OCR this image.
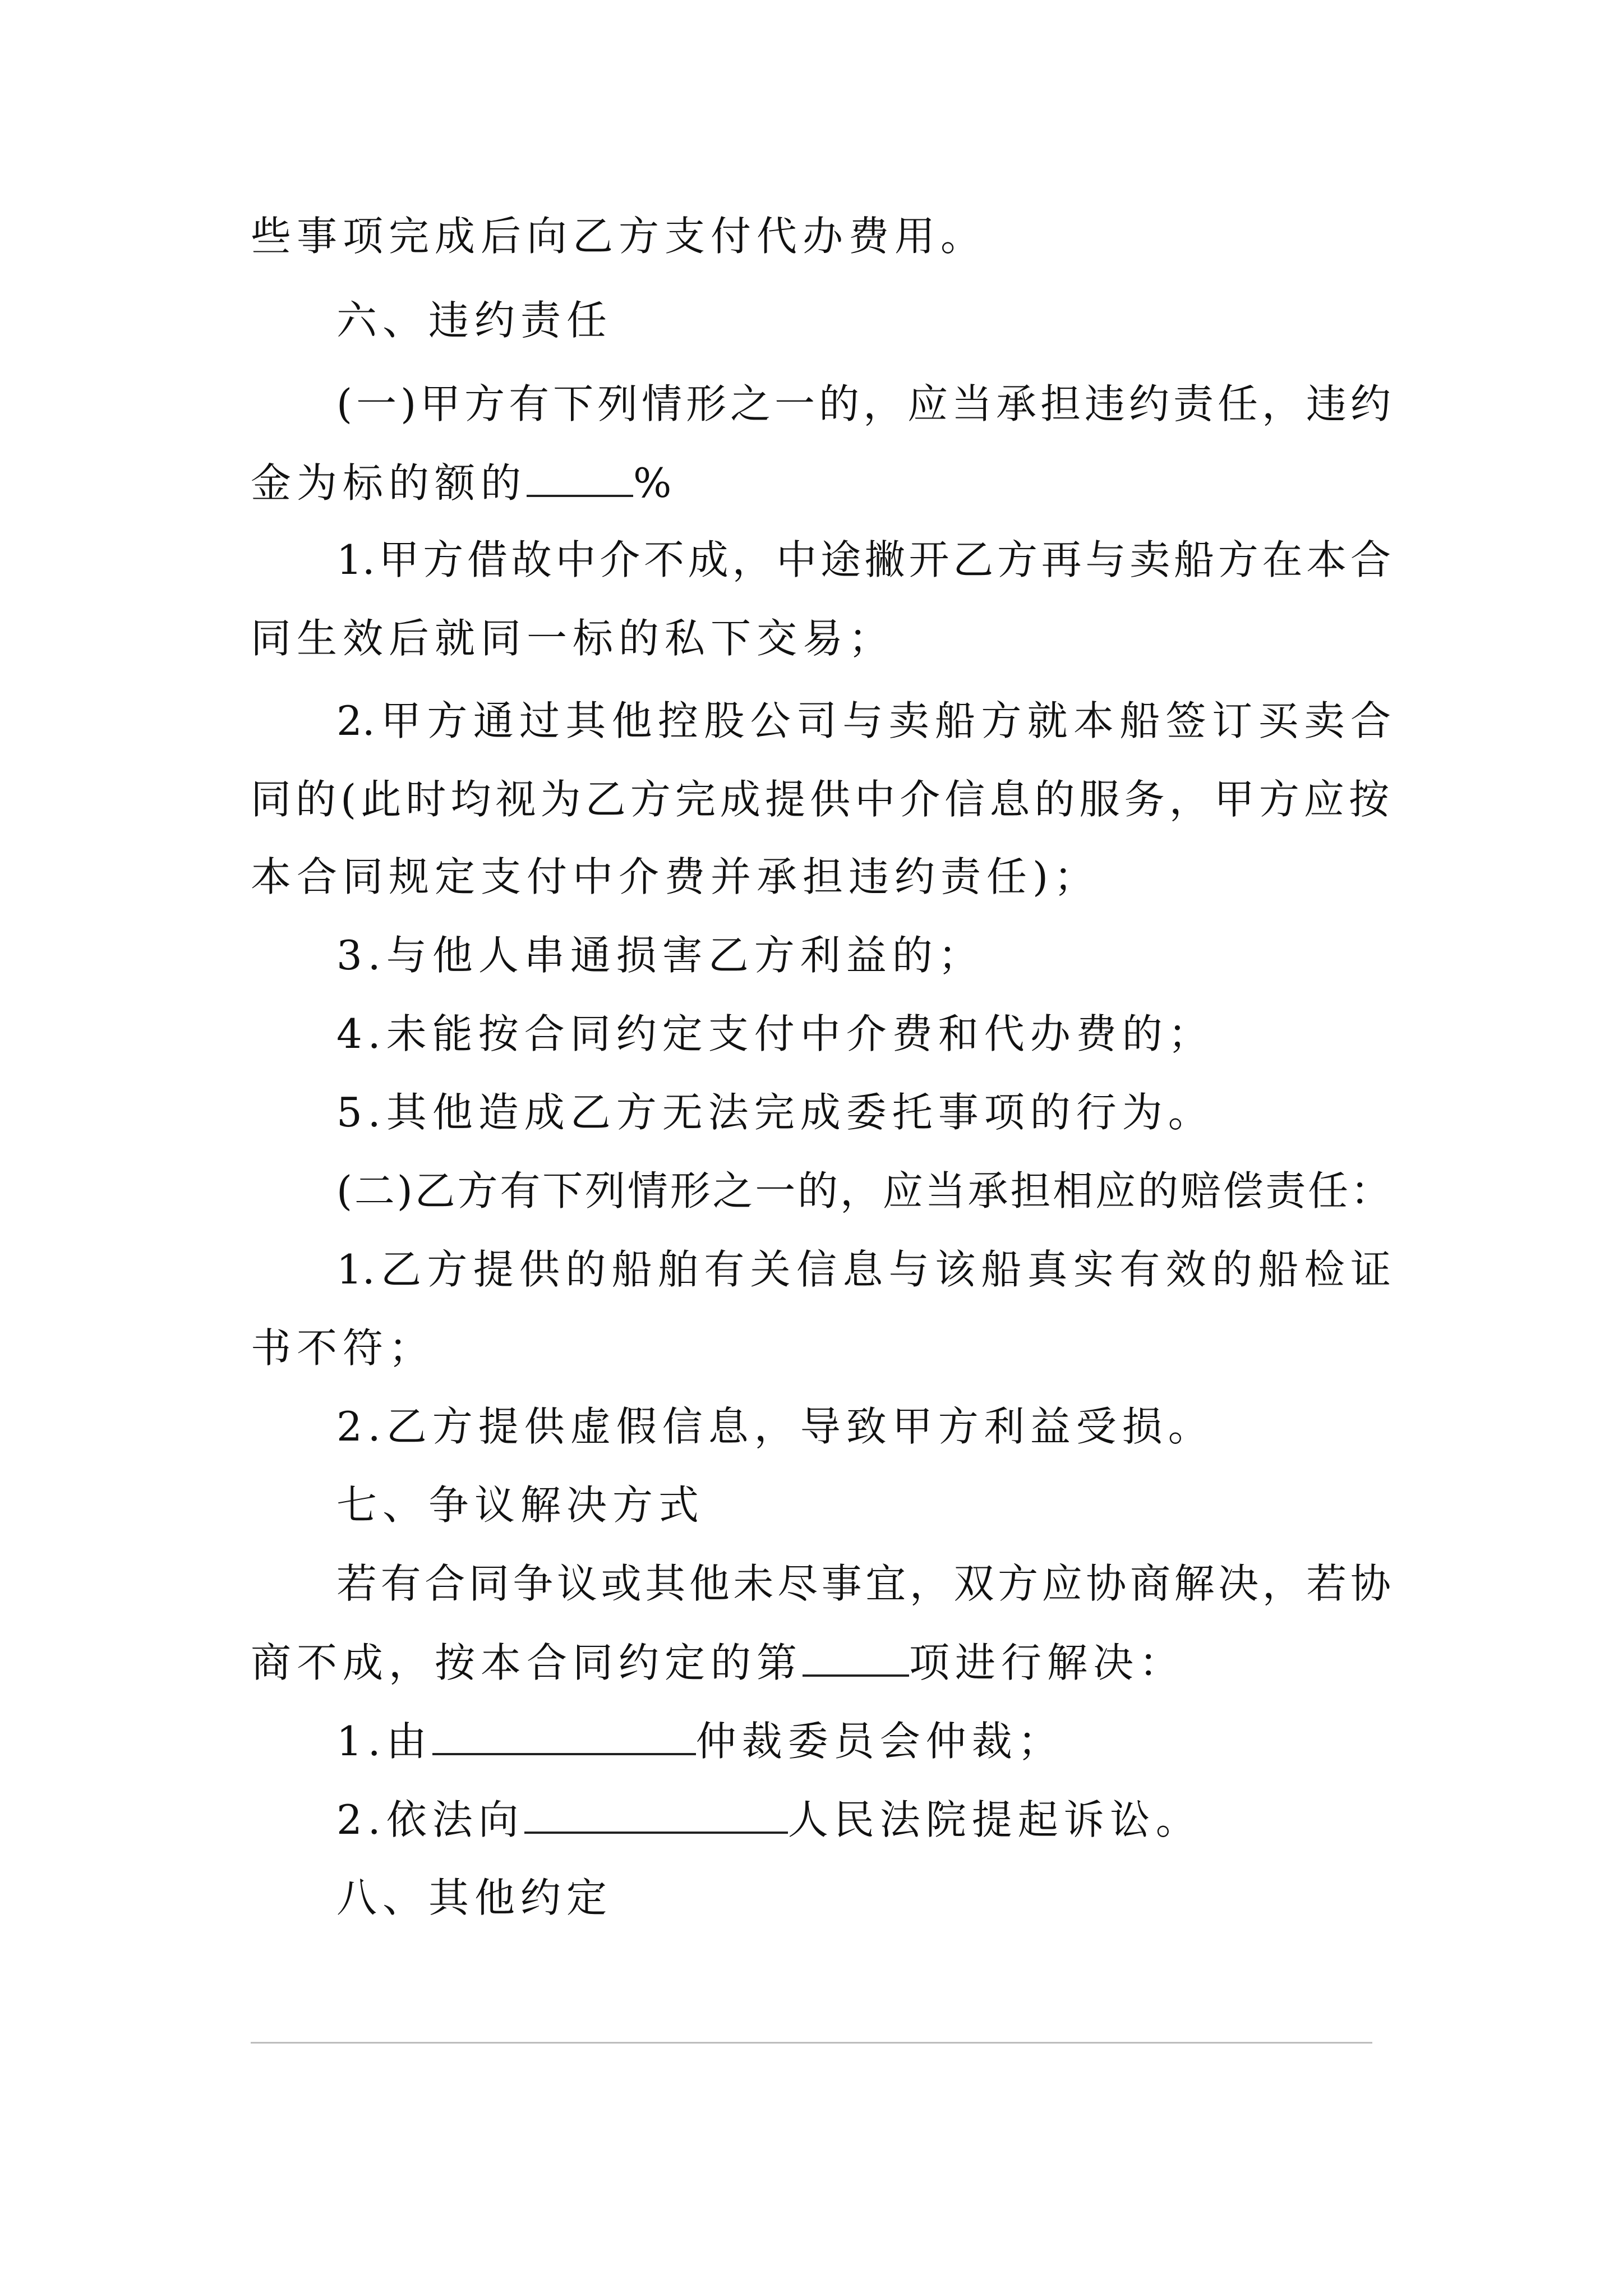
些事项完成后向乙方支付代办费用。
六、违约责任
(一)甲方有下列情形之一的，应当承担违约责任，违约
金为标的额的	%
1.甲方借故中介不成，中途撇开乙方再与卖船方在本合
同生效后就同一标的私下交易；
2.甲方通过其他控股公司与卖船方就本船签订买卖合
同的(此时均视为乙方完成提供中介信息的服务，甲方应按
本合同规定支付中介费并承担违约责任)；
3.与他人串通损害乙方利益的；
4.未能按合同约定支付中介费和代办费的；
5.其他造成乙方无法完成委托事项的行为。
(二)乙方有下列情形之一的，应当承担相应的赔偿责任：
1.乙方提供的船舶有关信息与该船真实有效的船检证
书不符；
2.乙方提供虚假信息，导致甲方利益受损。
七、争议解决方式
若有合同争议或其他未尽事宜，双方应协商解决，若协
商不成，按本合同约定的第	项进行解决：
1.由	仲裁委员会仲裁；
2.依法向	人民法院提起诉讼。
八、其他约定
